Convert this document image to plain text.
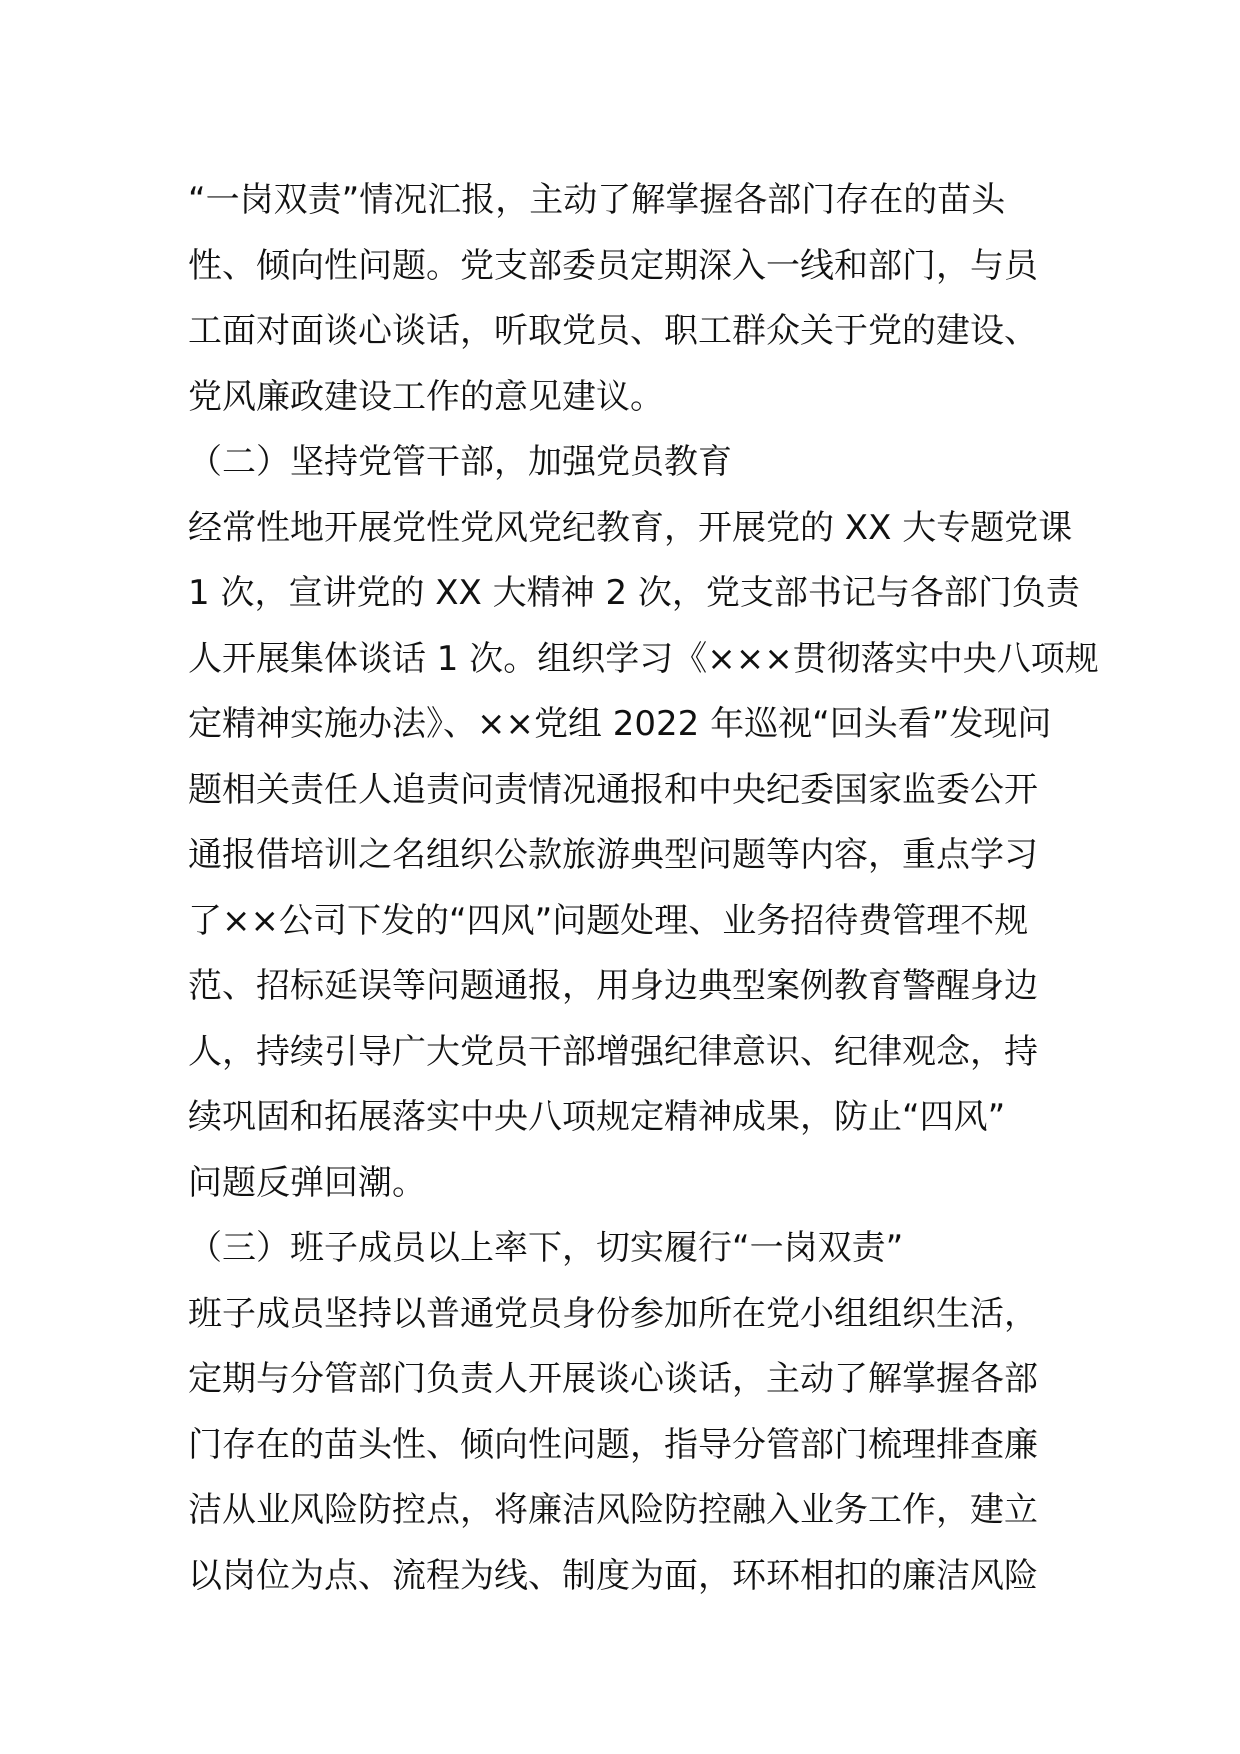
“一岗双责”情况汇报，主动了解掌握各部门存在的苗头
性、倾向性问题。党支部委员定期深入一线和部门，与员
工面对面谈心谈话，听取党员、职工群众关于党的建设、
党风廉政建设工作的意见建议。
（二）坚持党管干部，加强党员教育
经常性地开展党性党风党纪教育，开展党的 XX 大专题党课
1 次，宣讲党的 XX 大精神 2 次，党支部书记与各部门负责
人开展集体谈话 1 次。组织学习《×××贯彻落实中央八项规
定精神实施办法》、××党组 2022 年巡视“回头看”发现问
题相关责任人追责问责情况通报和中央纪委国家监委公开
通报借培训之名组织公款旅游典型问题等内容，重点学习
了××公司下发的“四风”问题处理、业务招待费管理不规
范、招标延误等问题通报，用身边典型案例教育警醒身边
人，持续引导广大党员干部增强纪律意识、纪律观念，持
续巩固和拓展落实中央八项规定精神成果，防止“四风”
问题反弹回潮。
（三）班子成员以上率下，切实履行“一岗双责”
班子成员坚持以普通党员身份参加所在党小组组织生活，
定期与分管部门负责人开展谈心谈话，主动了解掌握各部
门存在的苗头性、倾向性问题，指导分管部门梳理排查廉
洁从业风险防控点，将廉洁风险防控融入业务工作，建立
以岗位为点、流程为线、制度为面，环环相扣的廉洁风险
